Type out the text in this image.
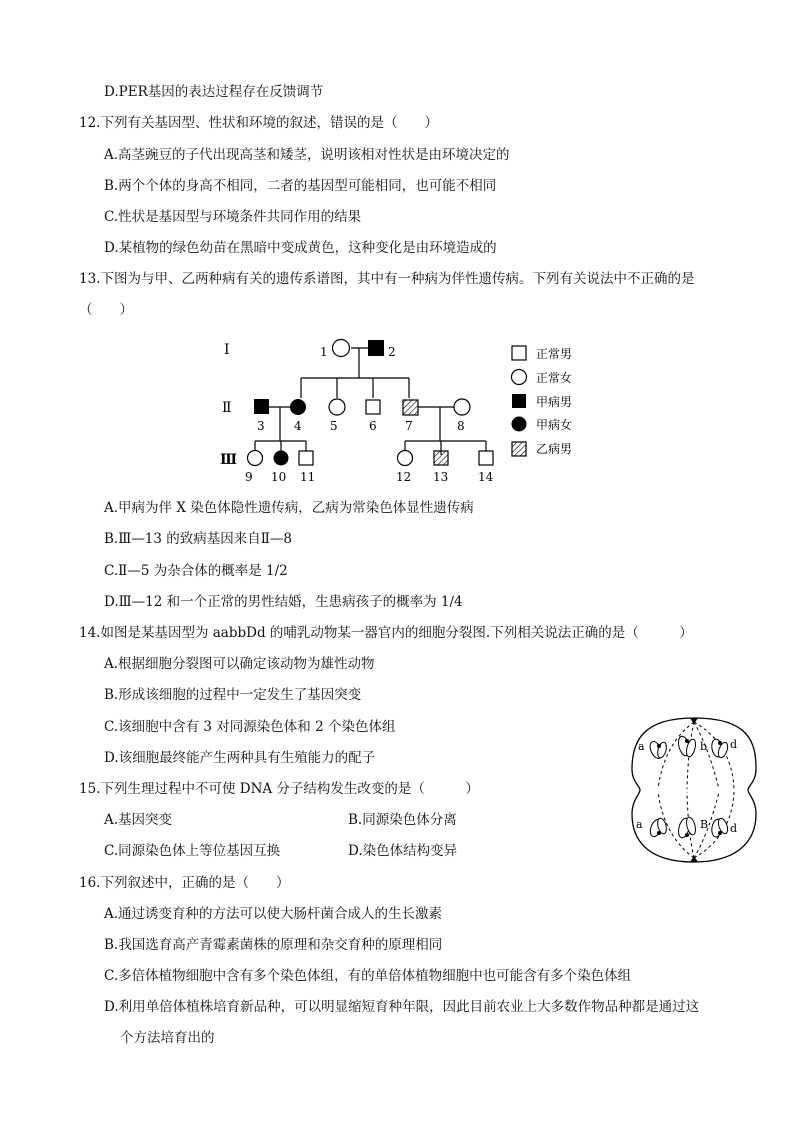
D.PER基因的表达过程存在反馈调节
12.下列有关基因型、性状和环境的叙述，错误的是（　　）
A.高茎豌豆的子代出现高茎和矮茎，说明该相对性状是由环境决定的
B.两个个体的身高不相同，二者的基因型可能相同，也可能不相同
C.性状是基因型与环境条件共同作用的结果
D.某植物的绿色幼苗在黑暗中变成黄色，这种变化是由环境造成的
13.下图为与甲、乙两种病有关的遗传系谱图，其中有一种病为伴性遗传病。下列有关说法中不正确的是
（　　）
Ⅰ
Ⅱ
Ⅲ
1	2
3 4 5	6 7	8
9 10 11	12 13 14
正常男
正常女
甲病男
甲病女
乙病男
A.甲病为伴 X 染色体隐性遗传病，乙病为常染色体显性遗传病
B.Ⅲ—13 的致病基因来自Ⅱ—8
C.Ⅱ—5 为杂合体的概率是 1/2
D.Ⅲ—12 和一个正常的男性结婚，生患病孩子的概率为 1/4
14.如图是某基因型为 aabbDd 的哺乳动物某一器官内的细胞分裂图.下列相关说法正确的是（　　　）
A.根据细胞分裂图可以确定该动物为雄性动物
B.形成该细胞的过程中一定发生了基因突变
C.该细胞中含有 3 对同源染色体和 2 个染色体组
D.该细胞最终能产生两种具有生殖能力的配子
a	b d
a	B d
15.下列生理过程中不可使 DNA 分子结构发生改变的是（　　　）
A.基因突变	B.同源染色体分离
C.同源染色体上等位基因互换	D.染色体结构变异
16.下列叙述中，正确的是（　　）
A.通过诱变育种的方法可以使大肠杆菌合成人的生长激素
B.我国选育高产青霉素菌株的原理和杂交育种的原理相同
C.多倍体植物细胞中含有多个染色体组，有的单倍体植物细胞中也可能含有多个染色体组
D.利用单倍体植株培育新品种，可以明显缩短育种年限，因此目前农业上大多数作物品种都是通过这
个方法培育出的
